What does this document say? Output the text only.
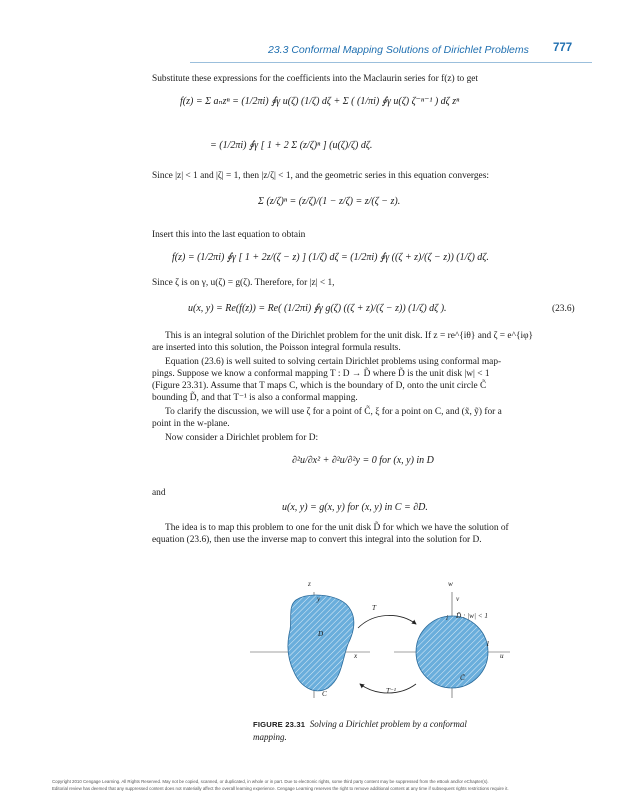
23.3 Conformal Mapping Solutions of Dirichlet Problems 777
Substitute these expressions for the coefficients into the Maclaurin series for f(z) to get
f(z) = Σ aₙzⁿ = (1/2πi) ∮γ u(ζ) (1/ζ) dζ + Σ ( (1/πi) ∮γ u(ζ) ζ⁻ⁿ⁻¹ ) dζ zⁿ
= (1/2πi) ∮γ [ 1 + 2 Σ (z/ζ)ⁿ ] (u(ζ)/ζ) dζ.
Since |z| < 1 and |ζ| = 1, then |z/ζ| < 1, and the geometric series in this equation converges:
Σ (z/ζ)ⁿ = (z/ζ)/(1 − z/ζ) = z/(ζ − z).
Insert this into the last equation to obtain
f(z) = (1/2πi) ∮γ [ 1 + 2z/(ζ − z) ] (1/ζ) dζ = (1/2πi) ∮γ ((ζ + z)/(ζ − z)) (1/ζ) dζ.
Since ζ is on γ, u(ζ) = g(ζ). Therefore, for |z| < 1,
u(x, y) = Re(f(z)) = Re( (1/2πi) ∮γ g(ζ) ((ζ + z)/(ζ − z)) (1/ζ) dζ ).	(23.6)
This is an integral solution of the Dirichlet problem for the unit disk. If z = re^{iθ} and ζ = e^{iφ}
are inserted into this solution, the Poisson integral formula results.
Equation (23.6) is well suited to solving certain Dirichlet problems using conformal map-
pings. Suppose we know a conformal mapping T : D → D̃ where D̃ is the unit disk |w| < 1
(Figure 23.31). Assume that T maps C, which is the boundary of D, onto the unit circle C̃
bounding D̃, and that T⁻¹ is also a conformal mapping.
To clarify the discussion, we will use ζ for a point of C̃, ξ for a point on C, and (x̃, ỹ) for a
point in the w-plane.
Now consider a Dirichlet problem for D:
∂²u/∂x² + ∂²u/∂²y = 0 for (x, y) in D
and
u(x, y) = g(x, y) for (x, y) in C = ∂D.
The idea is to map this problem to one for the unit disk D̃ for which we have the solution of
equation (23.6), then use the inverse map to convert this integral into the solution for D.
z
y
D
x
C
T
T⁻¹
w
v
i D̃ : |w| < 1
1
u
C̃
FIGURE 23.31 Solving a Dirichlet problem by a conformal mapping.
Copyright 2010 Cengage Learning. All Rights Reserved. May not be copied, scanned, or duplicated, in whole or in part. Due to electronic rights, some third party content may be suppressed from the eBook and/or eChapter(s).
Editorial review has deemed that any suppressed content does not materially affect the overall learning experience. Cengage Learning reserves the right to remove additional content at any time if subsequent rights restrictions require it.
